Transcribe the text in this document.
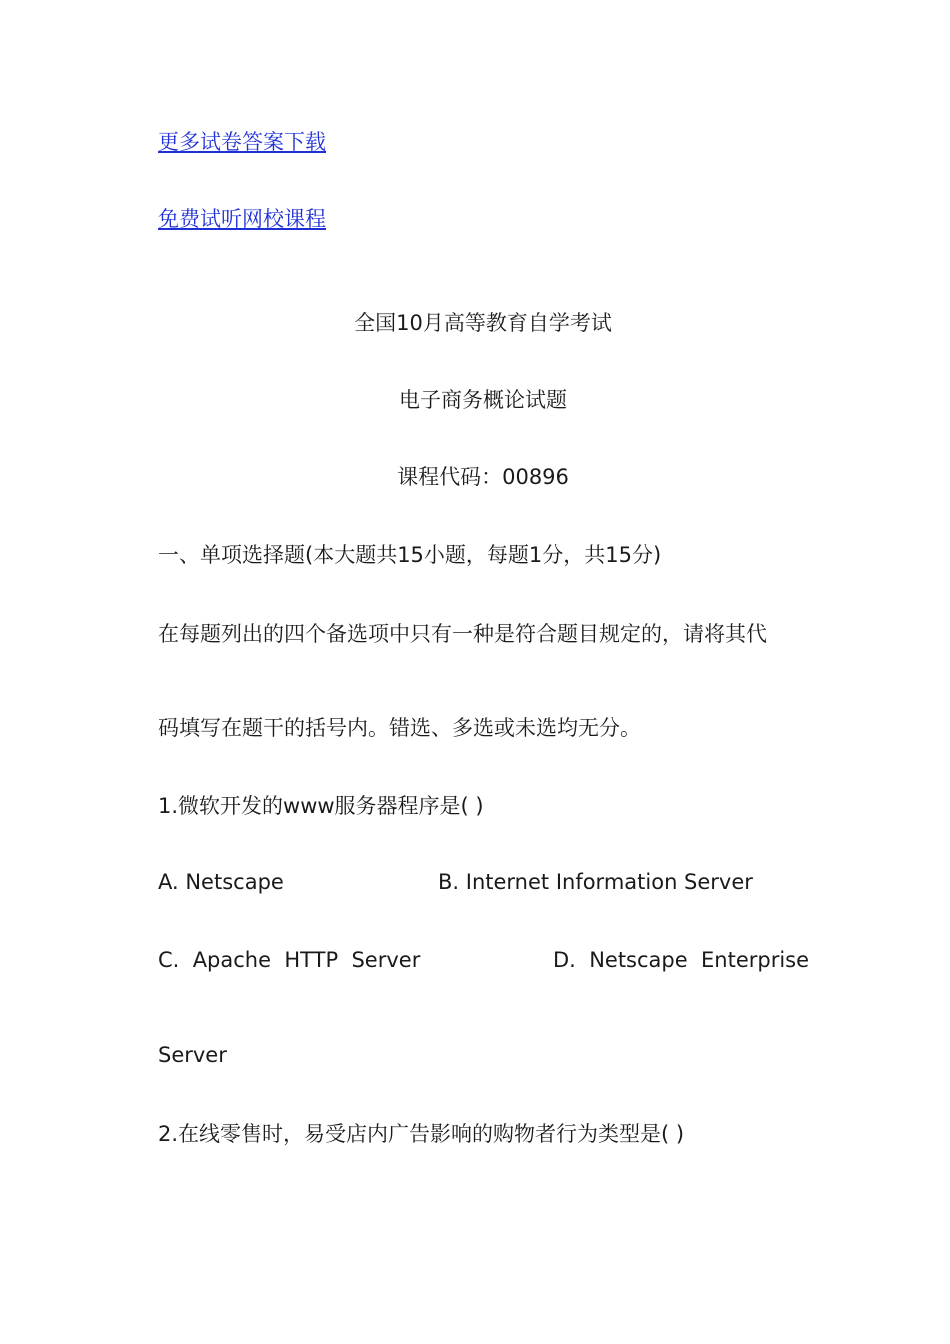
更多试卷答案下载
免费试听网校课程
全国10月高等教育自学考试
电子商务概论试题
课程代码：00896
一、单项选择题(本大题共15小题，每题1分，共15分)
在每题列出的四个备选项中只有一种是符合题目规定的，请将其代
码填写在题干的括号内。错选、多选或未选均无分。
1.微软开发的www服务器程序是( )
A. Netscape	B. Internet Information Server
C.  Apache  HTTP  Server	D.  Netscape  Enterprise
Server
2.在线零售时，易受店内广告影响的购物者行为类型是( )
